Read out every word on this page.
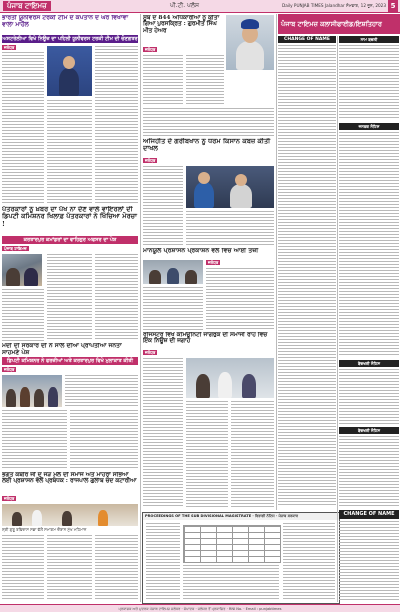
ਪੰਜਾਬ ਟਾਇਮਜ਼	ਪੀ.ਟੀ. ਪਲੱਸ	Daily PUNJAB TIMES Jalandhar ਸੋਮਵਾਰ, 12 ਜੂਨ, 2023 5
ਭਾਰਤੀ ਯੂਨੀਵਰਸ ਟਰਕੀ ਟੀਮ ਦੇ ਕਪਤਾਨ ਦੇ ਘਰ ਵਿਖਾਵਾ ਵਾਲਾ ਮਾਹੌਲ
ਅਸਟਰੇਲੀਆ ਵਿਖੇ ਨਿਊਜ਼ ਦਾ ਪਹਿਲੀ ਯੂਨੀਵਰਸ ਟਰਕੀ ਟੀਮ ਦੀ ਚੋਣਗਤਰ
ਜਲੰਧਰ
ਪੱਤਰਕਾਰਾਂ ਨੂੰ ਖ਼ਬਰ ਦਾ ਪੱਖ ਨਾ ਦੇਣ ਵਾਲੇ ਵਾਇਰਲਾਂ ਦੀ ਡਿਪਟੀ ਕਮਿਸ਼ਨਰ ਖਿਲਾਫ਼ ਪੱਤਰਕਾਰਾਂ ਨੇ ਖਿੱਚਿਆ ਮੋਰਚਾ !
ਕਰਤਾਰਪੁਰ ਕਮਾਂਡਰਾਂ ਦਾ ਵਾਹਿਗੁਰ ਅਫਸਰ ਦਾ ਪੇਸ਼
ਪੰਜਾਬ ਟਾਇਮਜ਼
ਮੋਦੀ ਦੀ ਸਰਕਾਰ ਦੀ ਨੌ ਸਾਲ ਦੀਆਂ ਪ੍ਰਾਪਤੀਆਂ ਜਨਤਾ ਸਾਹਮਣੇ ਪੇਸ਼
ਡਿਪਟੀ ਕਮਿਸ਼ਨਰ ਨੇ ਫਰਜ਼ੀਆਂ ਅਤੇ ਕਰਤਾਰਪੁਰ ਵਿਖੇ ਮੁਲਾਕਾਤ ਕੀਤੀ
ਜਲੰਧਰ
ਭਗਤ ਕਬੀਰ ਜੀ ਦੇ ਜੋੜ ਮੇਲੇ ਦੀ ਸਮਾਜ ਅਤੇ ਮਾਹਰਾਂ ਸੱਭਿਆ ਲਈ ਪ੍ਰਸ਼ਾਸਨ ਵੱਲੋਂ ਪ੍ਰਬੰਧਕ : ਰਾਜਪਾਲ ਗੁਲਾਬ ਚੰਦ ਕਟਾਰੀਆ
ਜਲੰਧਰ
ਸ਼੍ਰੀ ਗੁਰੂ ਰਵਿਦਾਸ ਸਭਾ ਵੱਲੋਂ ਸਮਾਗਮ ਦੌਰਾਨ ਮੁੱਖ ਮਹਿਮਾਨ
ਸੂਬੇ ਦੇ 844 ਅਧਿਕਾਰੀਆਂ ਨੂੰ ਕੀਤਾ ਗਿਆ ਪੁਰਸਕ੍ਰਿਤ : ਗੁਰਮੀਤ ਸਿੰਘ ਮੀਤ ਹੇਅਰ
ਜਲੰਧਰ
ਅਜਿਹੀਤ ਦੇ ਗਰੀਬਖਾਨ ਨੂੰ ਧਰਮ ਕਿਸਾਨ ਕਬਜ਼ ਕੀਤੀ ਦਾਖਲ
ਜਲੰਧਰ
ਮਾਨਯੂਲ ਪ੍ਰਸ਼ਾਸਨ ਪ੍ਰਕਾਸ਼ਨ ਵੱਲੋਂ ਵਿੱਚ ਆਈ ਤੇਜ਼ੀ
ਜਲੰਧਰ
ਰਜਿਸਟਰ ਵਿਖੇ ਕਮਿਊਨਿਟੀ ਜਾਗਰੁਕ ਦੀ ਸਮਾਜੀ ਰਾਹ ਵਿੱਚ ਇੱਕ ਨਿਊਜ਼ ਦੀ ਜਗਾਹ
ਜਲੰਧਰ
PROCEEDINGS OF THE SUB DIVISIONAL MAGISTRATE · ਵਿਭਾਗੀ ਨੋਟਿਸ · ਪੰਜਾਬ ਸਰਕਾਰ
ਪੰਜਾਬ ਟਾਇਮਜ਼ ਕਲਾਸੀਫਾਈਡ/ਇਸ਼ਤਿਹਾਰ
CHANGE OF NAME	ਨਾਮ ਬਦਲੀ
ਜਨਤਕ ਨੋਟਿਸ
ਬੇਦਖਲੀ ਨੋਟਿਸ
ਬੇਦਖਲੀ ਨੋਟਿਸ
CHANGE OF NAME
ਪ੍ਰਕਾਸ਼ਕ ਅਤੇ ਮੁਦਰਕ ਪੰਜਾਬ ਟਾਇਮਜ਼ ਜਲੰਧਰ · ਸੰਪਾਦਕ · ਜਲੰਧਰ ਤੋਂ ਪ੍ਰਕਾਸ਼ਿਤ · RNI No. · Email : punjabtimes
